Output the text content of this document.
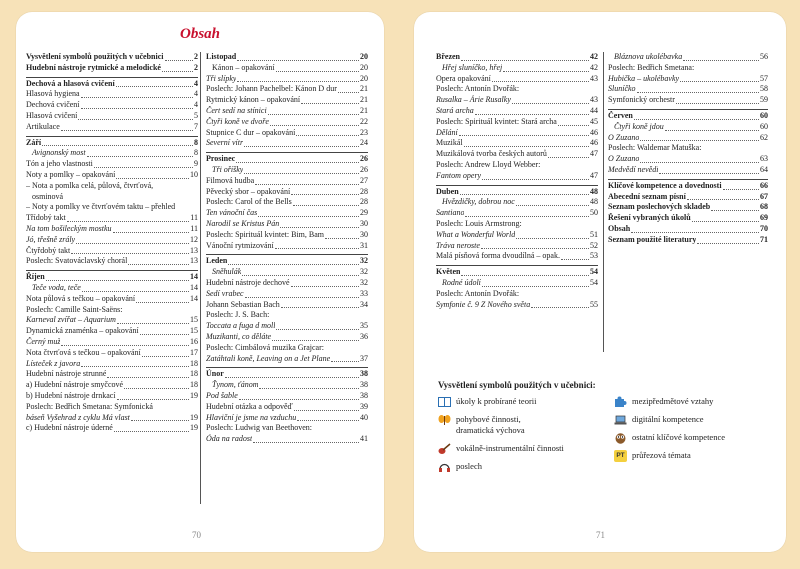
Obsah
Vysvětlení symbolů použitých v učebnici	2
Hudební nástroje rytmické a melodické	2
Dechová a hlasová cvičení	4
Hlasová hygiena	4
Dechová cvičení	4
Hlasová cvičení	5
Artikulace	7
Září	8
Avignonský most	8
Tón a jeho vlastnosti	9
Noty a pomlky – opakování	10
– Nota a pomlka celá, půlová, čtvrťová,
osminová
– Noty a pomlky ve čtvrťovém taktu – přehled
Třídobý takt	11
Na tom bošileckým mostku	11
Jó, třešně zrály	12
Čtyřdobý takt	13
Poslech: Svatováclavský chorál	13
Říjen	14
Teče voda, teče	14
Nota půlová s tečkou – opakování	14
Poslech: Camille Saint-Saëns:
Karneval zvířat – Aquarium	15
Dynamická znaménka – opakování	15
Černý muž	16
Nota čtvrťová s tečkou – opakování	17
Lísteček z javora	18
Hudební nástroje strunné	18
a) Hudební nástroje smyčcové	18
b) Hudební nástroje drnkací	19
Poslech: Bedřich Smetana: Symfonická
báseň Vyšehrad z cyklu Má vlast	19
c) Hudební nástroje úderné	19
Listopad	20
Kánon – opakování	20
Tři slípky	20
Poslech: Johann Pachelbel: Kánon D dur	21
Rytmický kánon – opakování	21
Čert sedí na stínici	21
Čtyři koně ve dvoře	22
Stupnice C dur – opakování	23
Severní vítr	24
Prosinec	26
Tři oříšky	26
Filmová hudba	27
Pěvecký sbor – opakování	28
Poslech: Carol of the Bells	28
Ten vánoční čas	29
Narodil se Kristus Pán	30
Poslech: Spirituál kvintet: Bim, Bam	30
Vánoční rytmizování	31
Leden	32
Sněhulák	32
Hudební nástroje dechové	32
Sedí vrabec	33
Johann Sebastian Bach	34
Poslech: J. S. Bach:
Toccata a fuga d moll	35
Muzikanti, co děláte	36
Poslech: Cimbálová muzika Grajcar:
Zatáhtali koně, Leaving on a Jet Plane	37
Únor	38
Ťynom, ťánom	38
Pod šable	38
Hudební otázka a odpověď	39
Hlaviční je jsme na vzduchu	40
Poslech: Ludwig van Beethoven:
Óda na radost	41
70
Březen	42
Hřej sluníčko, hřej	42
Opera opakování	43
Poslech: Antonín Dvořák:
Rusalka – Árie Rusalky	43
Stará archa	44
Poslech: Spirituál kvintet: Stará archa	45
Dělání	46
Muzikál	46
Muzikálová tvorba českých autorů	47
Poslech: Andrew Lloyd Webber:
Fantom opery	47
Duben	48
Hvězdičky, dobrou noc	48
Santiano	50
Poslech: Louis Armstrong:
What a Wonderful World	51
Tráva neroste	52
Malá písňová forma dvoudílná – opak.	53
Květen	54
Rodné údolí	54
Poslech: Antonín Dvořák:
Symfonie č. 9 Z Nového světa	55
Bláznova ukolébavka	56
Poslech: Bedřich Smetana:
Hubička – ukolébavky	57
Sluníčko	58
Symfonický orchestr	59
Červen	60
Čtyři koně jdou	60
O Zuzano	62
Poslech: Waldemar Matuška:
O Zuzano	63
Medvědí nevědí	64
Klíčové kompetence a dovednosti	66
Abecední seznam písní	67
Seznam poslechových skladeb	68
Řešení vybraných úkolů	69
Obsah	70
Seznam použité literatury	71
Vysvětlení symbolů použitých v učebnici:
úkoly k probírané teorii
pohybové činnosti,
dramatická výchova
vokálně-instrumentální činnosti
poslech
mezipředmětové vztahy
digitální kompetence
ostatní klíčové kompetence
PT průřezová témata
71
